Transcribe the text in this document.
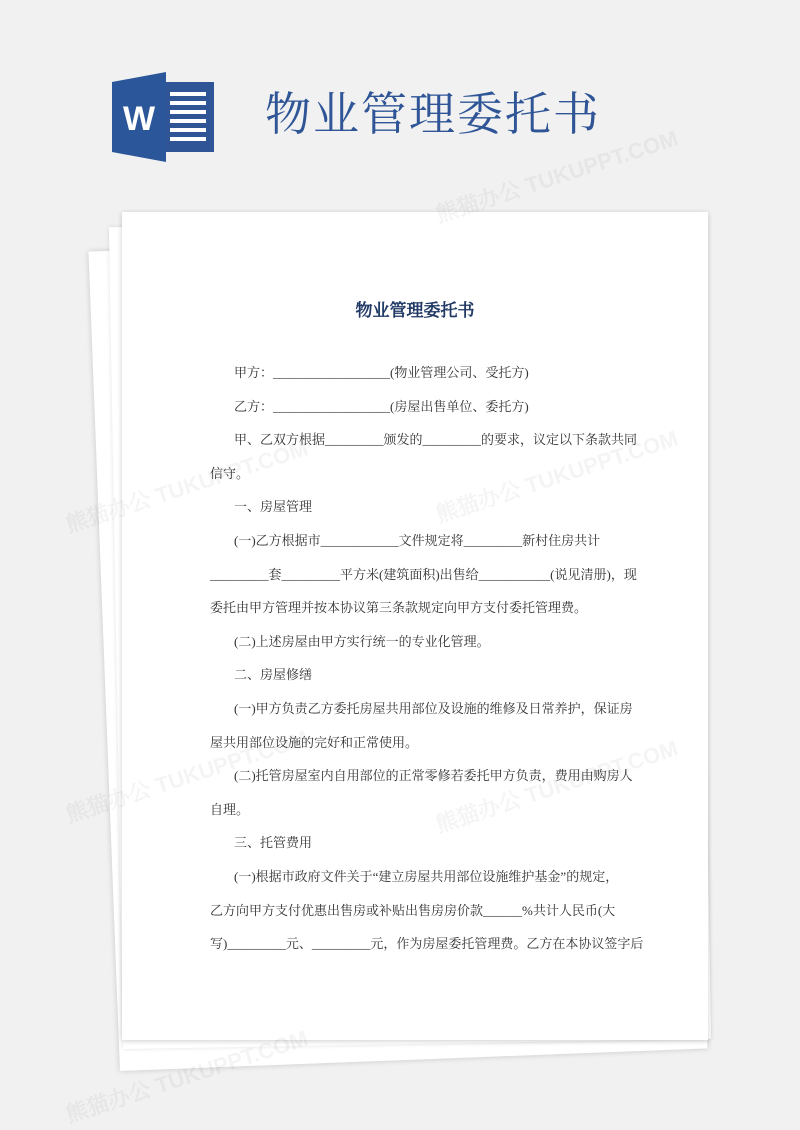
W 物业管理委托书
物业管理委托书
甲方：__________________(物业管理公司、受托方)
乙方：__________________(房屋出售单位、委托方)
甲、乙双方根据_________颁发的_________的要求，议定以下条款共同
信守。
一、房屋管理
(一)乙方根据市____________文件规定将_________新村住房共计
_________套_________平方米(建筑面积)出售给___________(说见清册)，现
委托由甲方管理并按本协议第三条款规定向甲方支付委托管理费。
(二)上述房屋由甲方实行统一的专业化管理。
二、房屋修缮
(一)甲方负责乙方委托房屋共用部位及设施的维修及日常养护，保证房
屋共用部位设施的完好和正常使用。
(二)托管房屋室内自用部位的正常零修若委托甲方负责，费用由购房人
自理。
三、托管费用
(一)根据市政府文件关于“建立房屋共用部位设施维护基金”的规定，
乙方向甲方支付优惠出售房或补贴出售房房价款______%共计人民币(大
写)_________元、_________元，作为房屋委托管理费。乙方在本协议签字后
